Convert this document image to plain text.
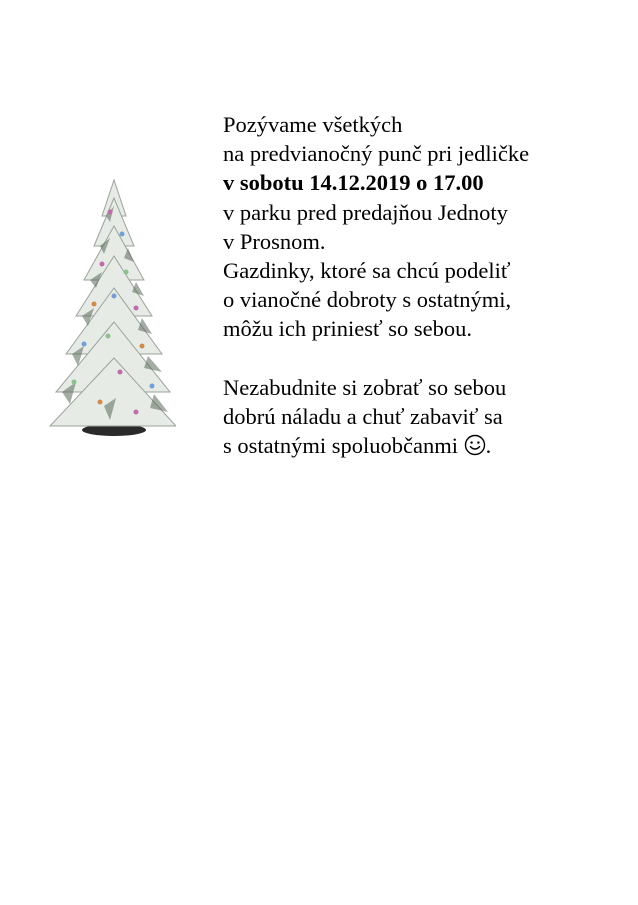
Pozývame všetkých
na predvianočný punč pri jedličke
v sobotu 14.12.2019 o 17.00
v parku pred predajňou Jednoty
v Prosnom.
Gazdinky, ktoré sa chcú podeliť
o vianočné dobroty s ostatnými,
môžu ich priniesť so sebou.
Nezabudnite si zobrať so sebou
dobrú náladu a chuť zabaviť sa
s ostatnými spoluobčanmi .
